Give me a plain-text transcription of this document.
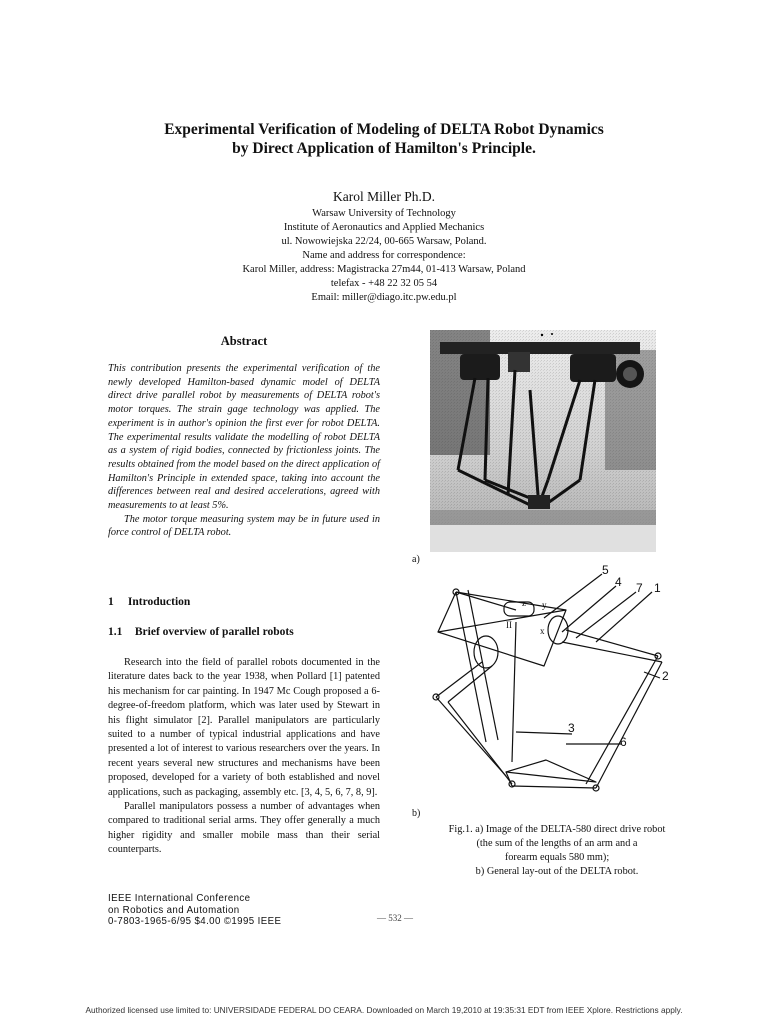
Experimental Verification of Modeling of DELTA Robot Dynamics
by Direct Application of Hamilton's Principle.
Karol Miller Ph.D.
Warsaw University of Technology
Institute of Aeronautics and Applied Mechanics
ul. Nowowiejska 22/24, 00-665 Warsaw, Poland.
Name and address for correspondence:
Karol Miller, address: Magistracka 27m44, 01-413 Warsaw, Poland
telefax - +48 22 32 05 54
Email: miller@diago.itc.pw.edu.pl
Abstract

This contribution presents the experimental verification of the newly developed Hamilton-based dynamic model of DELTA direct drive parallel robot by measurements of DELTA robot's motor torques. The strain gage technology was applied. The experiment is in author's opinion the first ever for robot DELTA. The experimental results validate the modelling of robot DELTA as a system of rigid bodies, connected by frictionless joints. The results obtained from the model based on the direct application of Hamilton's Principle in extended space, taking into account the differences between real and desired accelerations, agreed with measurements to at least 5%.

The motor torque measuring system may be in future used in force control of DELTA robot.

1 Introduction
1.1 Brief overview of parallel robots

Research into the field of parallel robots documented in the literature dates back to the year 1938, when Pollard [1] patented his mechanism for car painting. In 1947 Mc Cough proposed a 6-degree-of-freedom platform, which was later used by Stewart in his flight simulator [2]. Parallel manipulators are particularly suited to a number of typical industrial applications and have presented a lot of interest to various researchers over the years. In recent years several new structures and mechanisms have been proposed, developed for a variety of both established and novel applications, such as packaging, assembly etc. [3, 4, 5, 6, 7, 8, 9].

Parallel manipulators possess a number of advantages when compared to traditional serial arms. They offer generally a much higher rigidity and smaller mobile mass than their serial counterparts.

IEEE International Conference
on Robotics and Automation
0-7803-1965-6/95 $4.00 ©1995 IEEE	— 532 —
a)
5
4 7 1
2
3
6
z y
x
II
b)
Fig.1. a) Image of the DELTA-580 direct drive robot
(the sum of the lengths of an arm and a
forearm equals 580 mm);
b) General lay-out of the DELTA robot.
Authorized licensed use limited to: UNIVERSIDADE FEDERAL DO CEARA. Downloaded on March 19,2010 at 19:35:31 EDT from IEEE Xplore. Restrictions apply.
